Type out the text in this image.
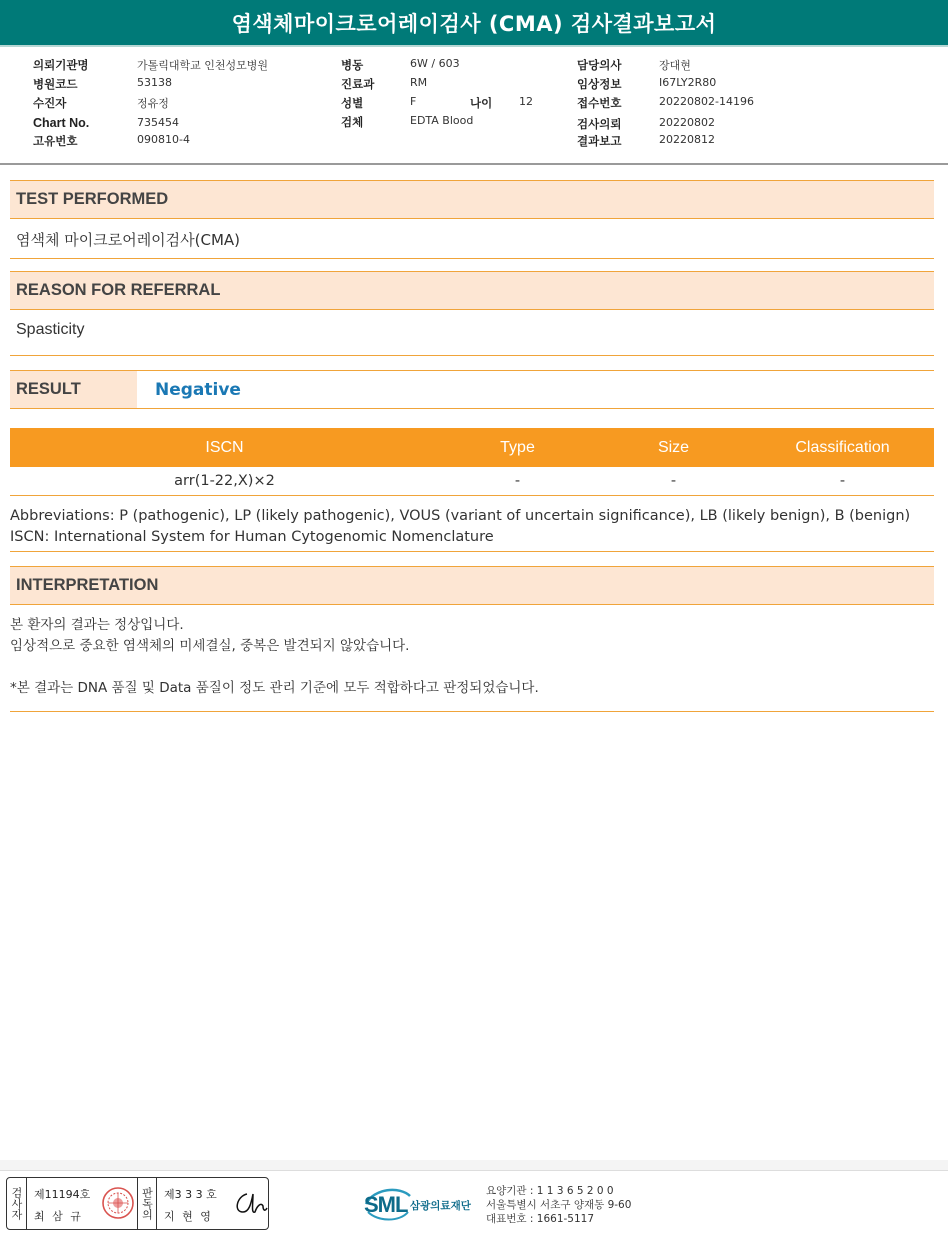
염색체마이크로어레이검사 (CMA) 검사결과보고서
의뢰기관명	가톨릭대학교 인천성모병원
병원코드	53138
수진자	정유정
Chart No.	735454
고유번호	090810-4
병동	6W / 603
진료과	RM
성별	F	나이 12
검체	EDTA Blood
담당의사	장대현
임상정보	I67LY2R80
접수번호	20220802-14196
검사의뢰	20220802
결과보고	20220812
TEST PERFORMED
염색체 마이크로어레이검사(CMA)
REASON FOR REFERRAL
Spasticity
RESULT	Negative
ISCN	Type	Size	Classification
arr(1-22,X)×2	-	-	-
Abbreviations: P (pathogenic), LP (likely pathogenic), VOUS (variant of uncertain significance), LB (likely benign), B (benign)
ISCN: International System for Human Cytogenomic Nomenclature
INTERPRETATION
본 환자의 결과는 정상입니다.
임상적으로 중요한 염색체의 미세결실, 중복은 발견되지 않았습니다.
*본 결과는 DNA 품질 및 Data 품질이 정도 관리 기준에 모두 적합하다고 판정되었습니다.
검사자	제11194호
최 삼 규	판독의 제3 3 3 호
지 현 영	SML 삼광의료재단
요양기관 : 1 1 3 6 5 2 0 0
서울특별시 서초구 양재동 9-60
대표번호 : 1661-5117
